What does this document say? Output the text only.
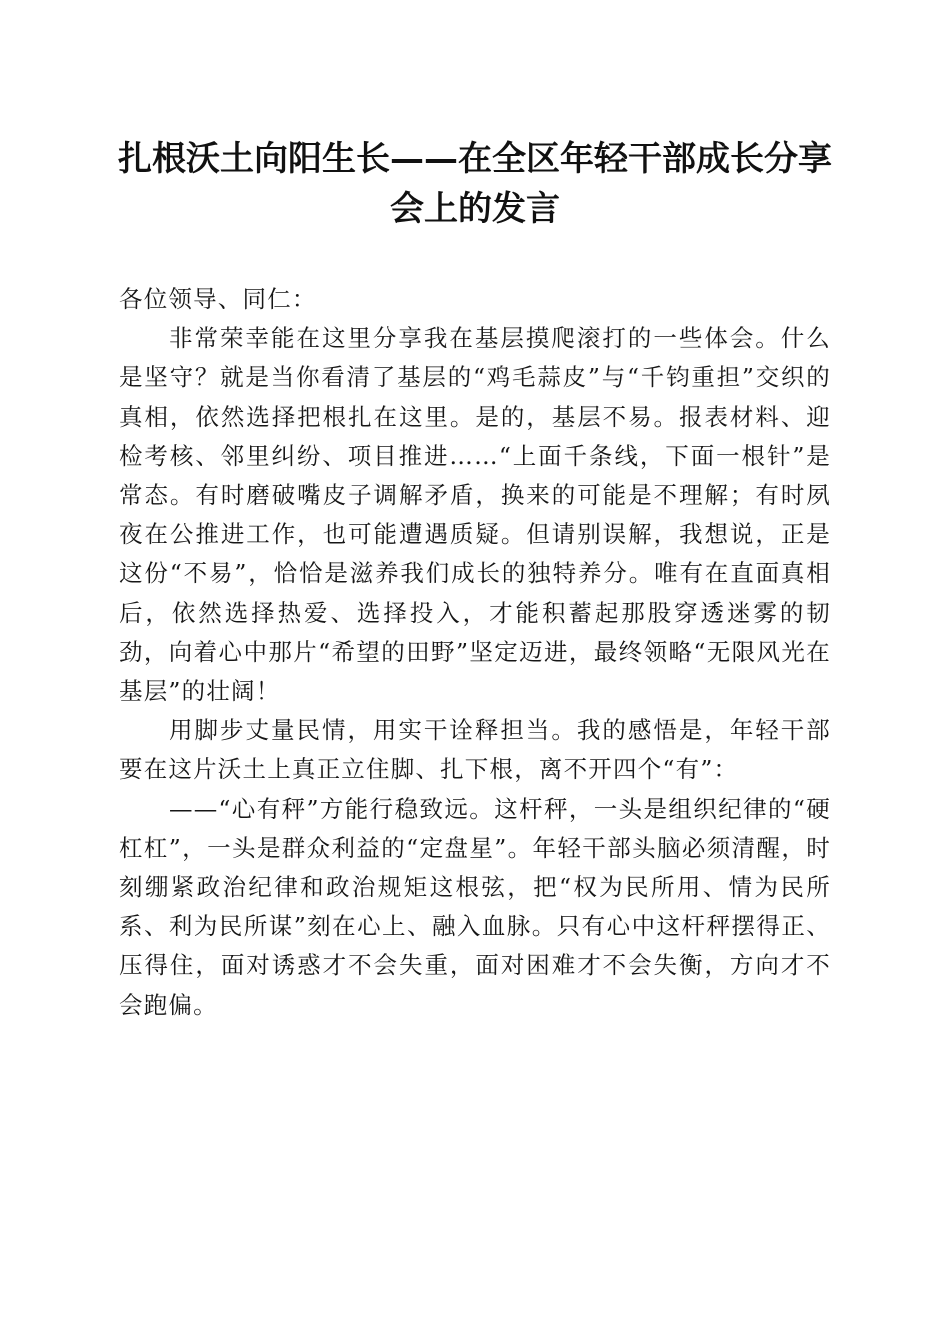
扎根沃土向阳生长——在全区年轻干部成长分享会上的发言

各位领导、同仁：

非常荣幸能在这里分享我在基层摸爬滚打的一些体会。什么是坚守？就是当你看清了基层的“鸡毛蒜皮”与“千钧重担”交织的真相，依然选择把根扎在这里。是的，基层不易。报表材料、迎检考核、邻里纠纷、项目推进……“上面千条线，下面一根针”是常态。有时磨破嘴皮子调解矛盾，换来的可能是不理解；有时夙夜在公推进工作，也可能遭遇质疑。但请别误解，我想说，正是这份“不易”，恰恰是滋养我们成长的独特养分。唯有在直面真相后，依然选择热爱、选择投入，才能积蓄起那股穿透迷雾的韧劲，向着心中那片“希望的田野”坚定迈进，最终领略“无限风光在基层”的壮阔！

用脚步丈量民情，用实干诠释担当。我的感悟是，年轻干部要在这片沃土上真正立住脚、扎下根，离不开四个“有”：

——“心有秤”方能行稳致远。这杆秤，一头是组织纪律的“硬杠杠”，一头是群众利益的“定盘星”。年轻干部头脑必须清醒，时刻绷紧政治纪律和政治规矩这根弦，把“权为民所用、情为民所系、利为民所谋”刻在心上、融入血脉。只有心中这杆秤摆得正、压得住，面对诱惑才不会失重，面对困难才不会失衡，方向才不会跑偏。
